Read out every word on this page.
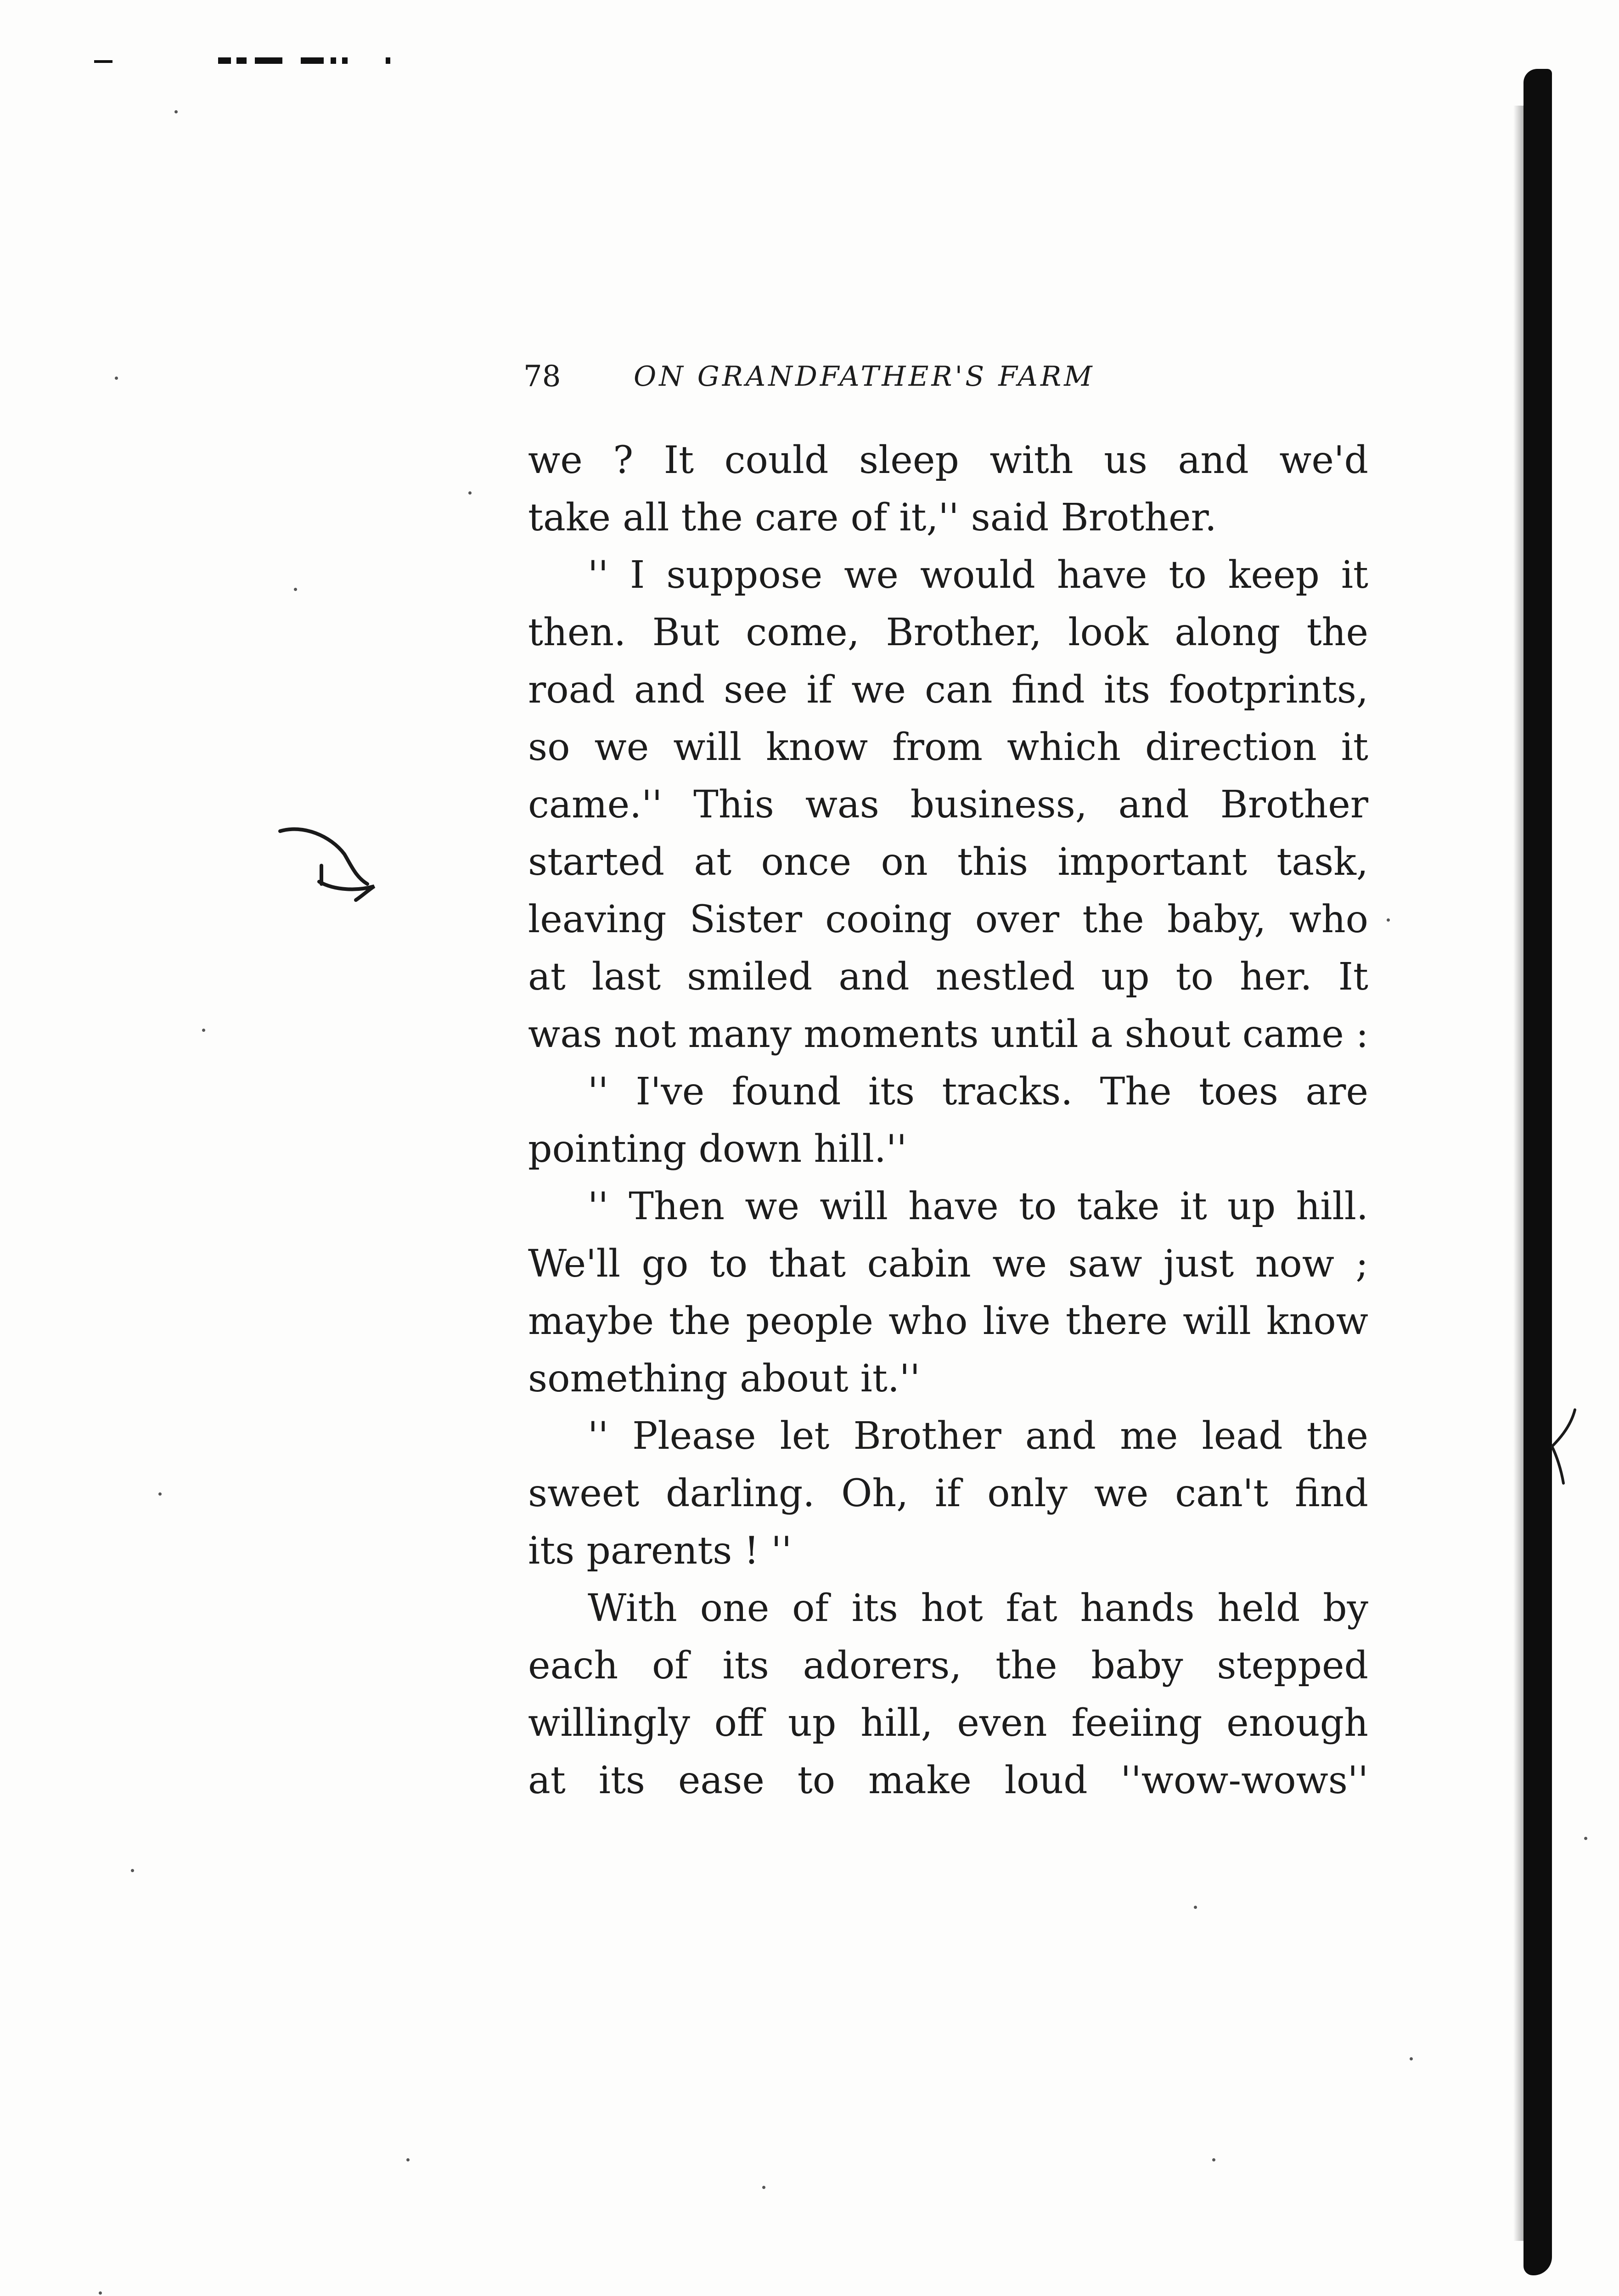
78	ON GRANDFATHER'S FARM
we ? It could sleep with us and we'd
take all the care of it,'' said Brother.
'' I suppose we would have to keep it
then. But come, Brother, look along the
road and see if we can find its footprints,
so we will know from which direction it
came.'' This was business, and Brother
started at once on this important task,
leaving Sister cooing over the baby, who
at last smiled and nestled up to her. It
was not many moments until a shout came :
'' I've found its tracks. The toes are
pointing down hill.''
'' Then we will have to take it up hill.
We'll go to that cabin we saw just now ;
maybe the people who live there will know
something about it.''
'' Please let Brother and me lead the
sweet darling. Oh, if only we can't find
its parents ! ''
With one of its hot fat hands held by
each of its adorers, the baby stepped
willingly off up hill, even feeiing enough
at its ease to make loud ''wow-wows''
